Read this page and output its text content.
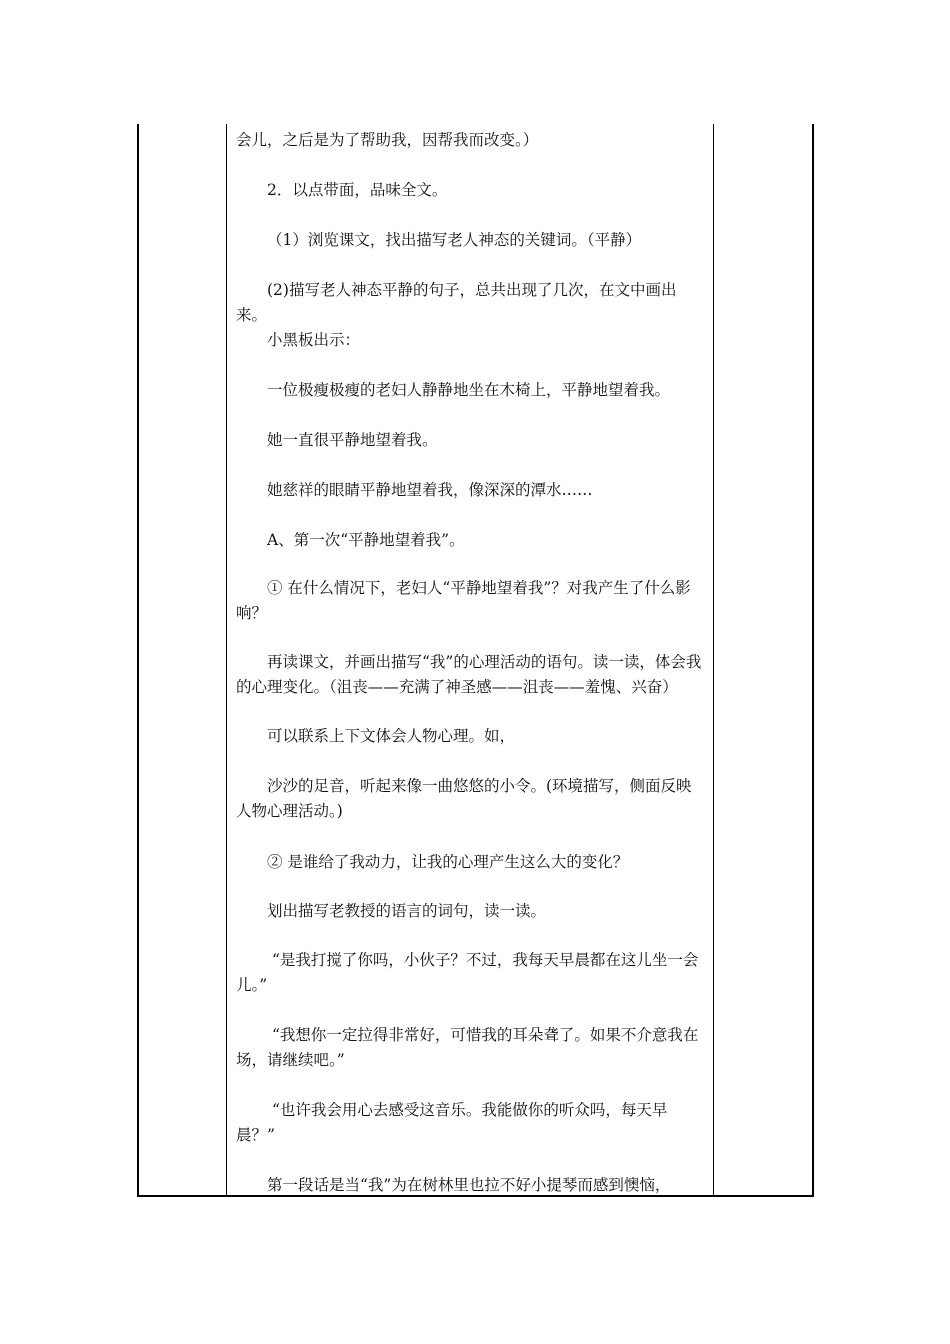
会儿，之后是为了帮助我，因帮我而改变。）

2．以点带面，品味全文。

（1）浏览课文，找出描写老人神态的关键词。（平静）

(2)描写老人神态平静的句子，总共出现了几次，在文中画出来。

小黑板出示：

一位极瘦极瘦的老妇人静静地坐在木椅上，平静地望着我。

她一直很平静地望着我。

她慈祥的眼睛平静地望着我，像深深的潭水……

A、第一次“平静地望着我”。

① 在什么情况下，老妇人“平静地望着我”？对我产生了什么影响？

再读课文，并画出描写“我”的心理活动的语句。读一读，体会我的心理变化。（沮丧——充满了神圣感——沮丧——羞愧、兴奋）

可以联系上下文体会人物心理。如，

沙沙的足音，听起来像一曲悠悠的小令。(环境描写，侧面反映人物心理活动。)

② 是谁给了我动力，让我的心理产生这么大的变化？

划出描写老教授的语言的词句，读一读。

“是我打搅了你吗，小伙子？不过，我每天早晨都在这儿坐一会儿。”

“我想你一定拉得非常好，可惜我的耳朵聋了。如果不介意我在场，请继续吧。”

“也许我会用心去感受这音乐。我能做你的听众吗，每天早晨？”

第一段话是当“我”为在树林里也拉不好小提琴而感到懊恼，
